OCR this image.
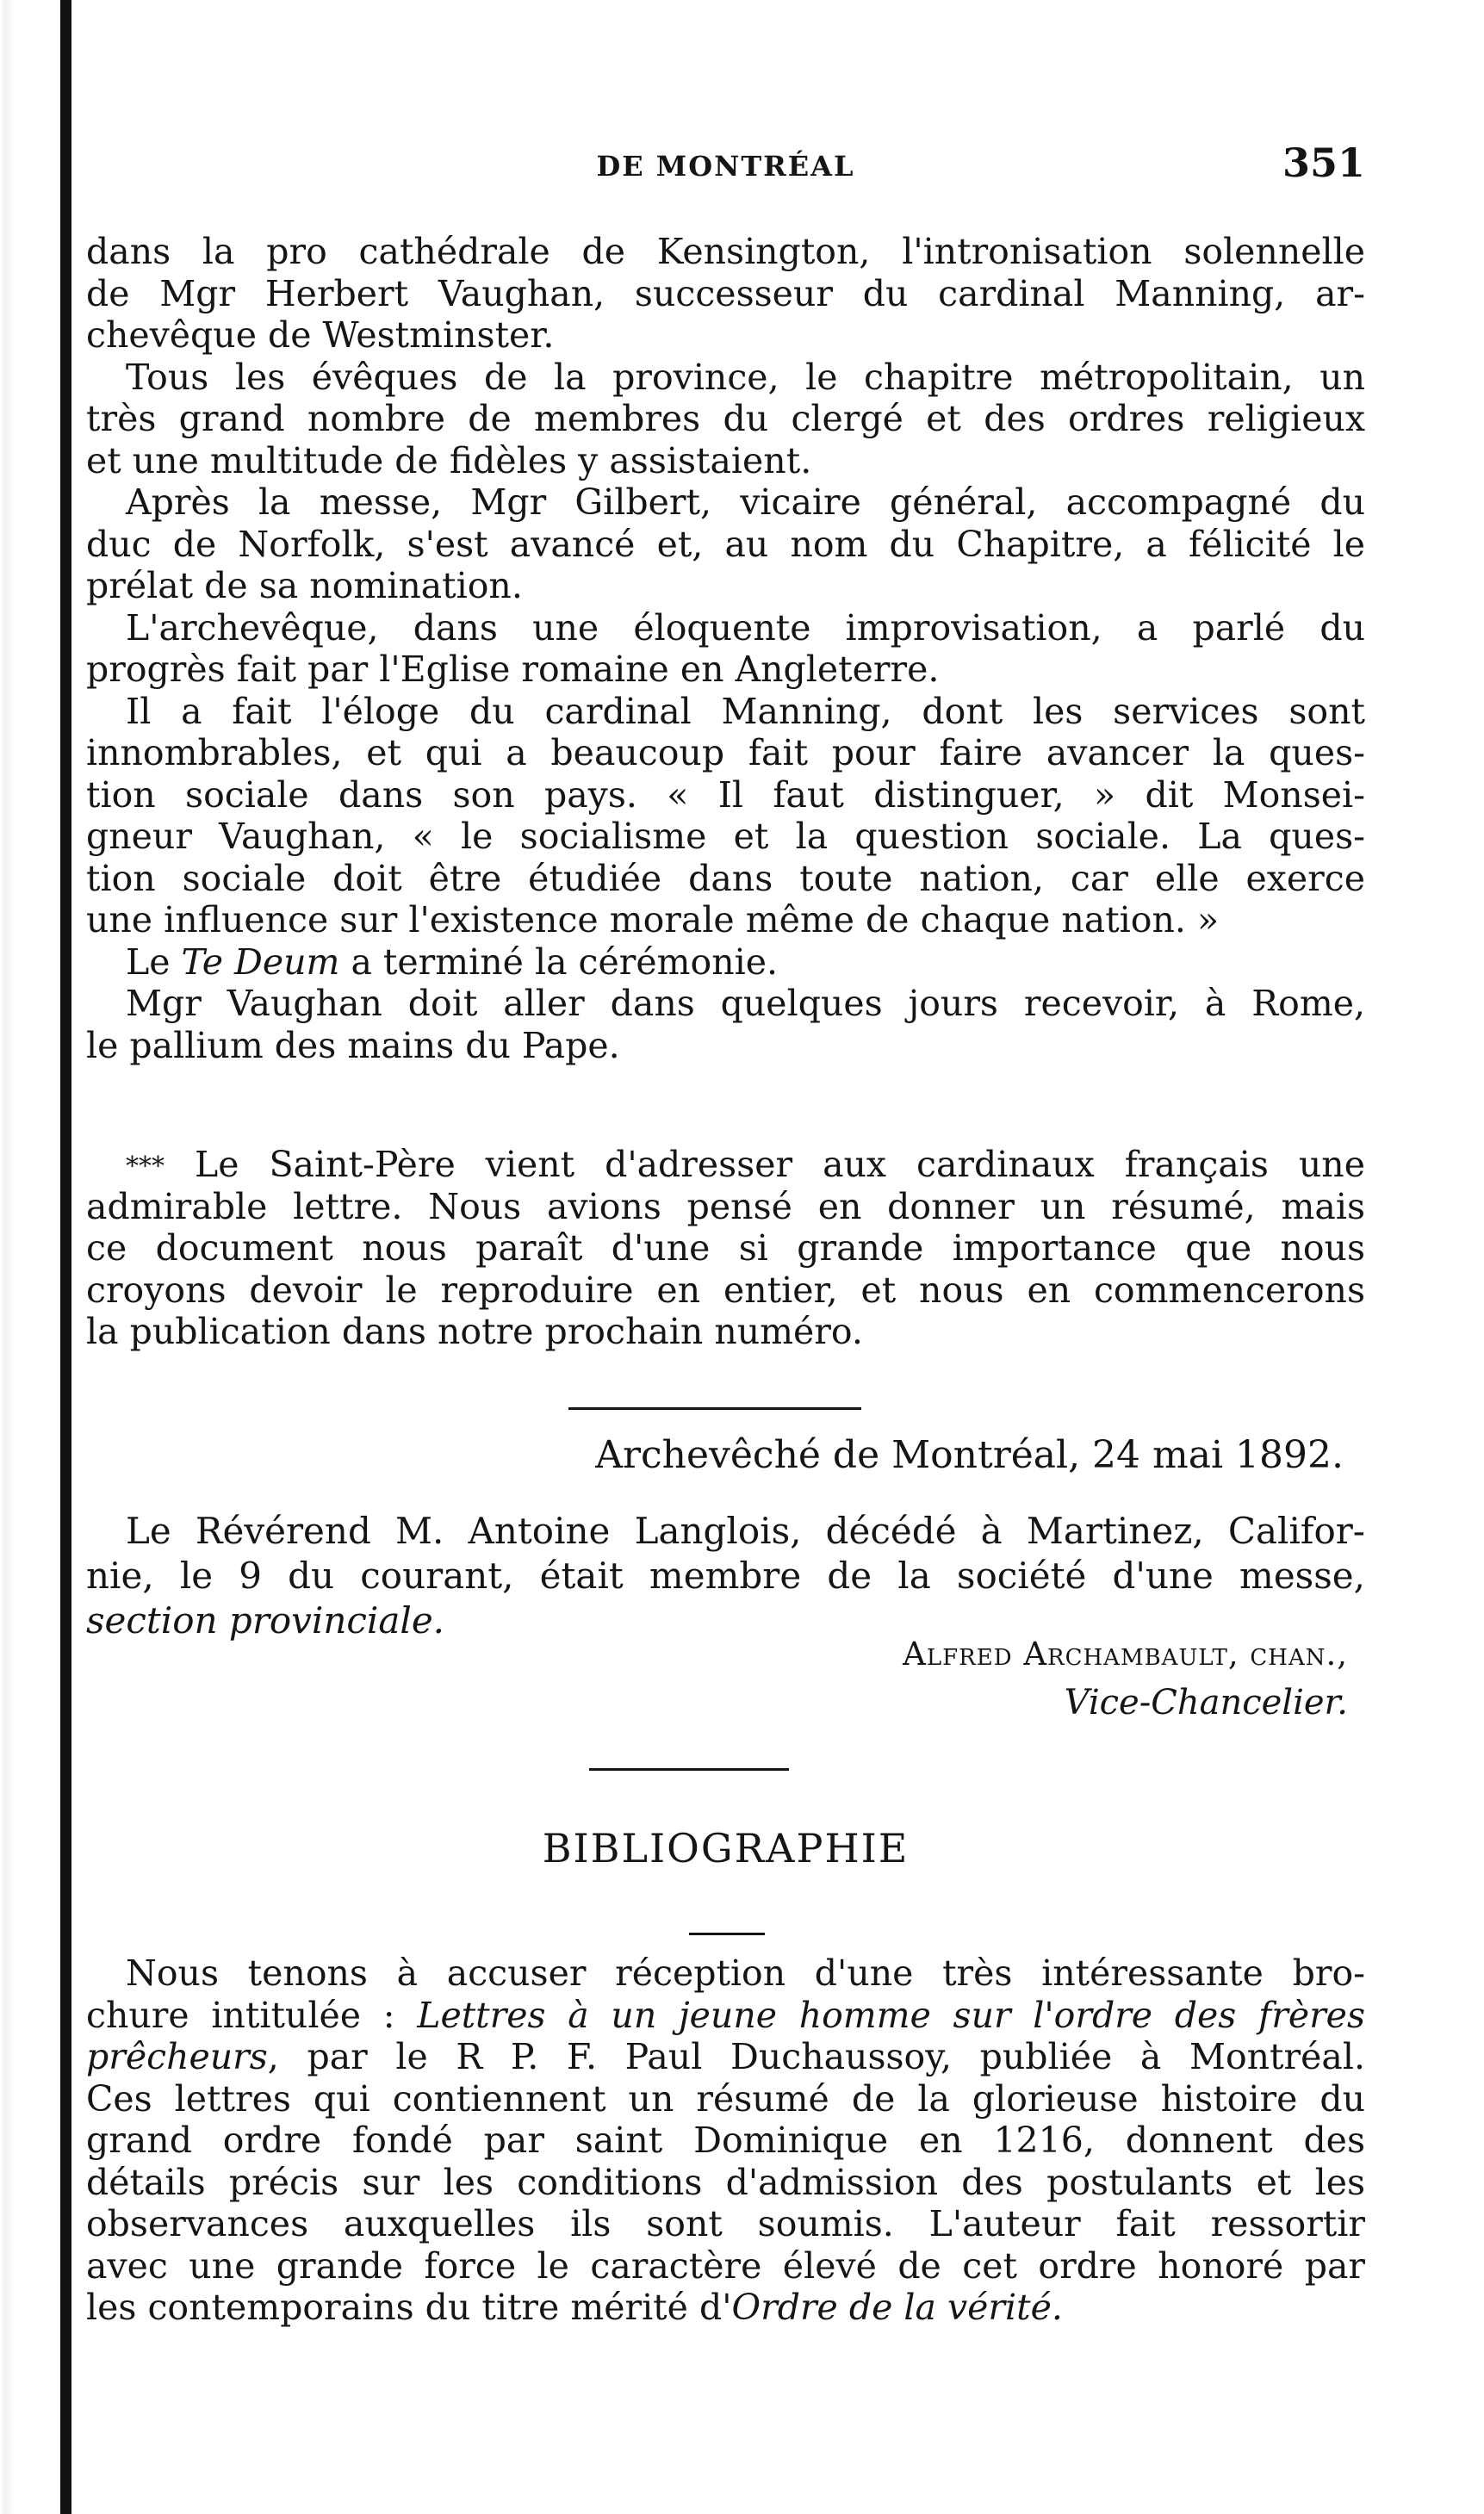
DE MONTRÉAL	351
dans la pro cathédrale de Kensington, l'intronisation solennelle
de Mgr Herbert Vaughan, successeur du cardinal Manning, ar-
chevêque de Westminster.
Tous les évêques de la province, le chapitre métropolitain, un
très grand nombre de membres du clergé et des ordres religieux
et une multitude de fidèles y assistaient.
Après la messe, Mgr Gilbert, vicaire général, accompagné du
duc de Norfolk, s'est avancé et, au nom du Chapitre, a félicité le
prélat de sa nomination.
L'archevêque, dans une éloquente improvisation, a parlé du
progrès fait par l'Eglise romaine en Angleterre.
Il a fait l'éloge du cardinal Manning, dont les services sont
innombrables, et qui a beaucoup fait pour faire avancer la ques-
tion sociale dans son pays. « Il faut distinguer, » dit Monsei-
gneur Vaughan, « le socialisme et la question sociale. La ques-
tion sociale doit être étudiée dans toute nation, car elle exerce
une influence sur l'existence morale même de chaque nation. »
Le Te Deum a terminé la cérémonie.
Mgr Vaughan doit aller dans quelques jours recevoir, à Rome,
le pallium des mains du Pape.
*** Le Saint-Père vient d'adresser aux cardinaux français une
admirable lettre. Nous avions pensé en donner un résumé, mais
ce document nous paraît d'une si grande importance que nous
croyons devoir le reproduire en entier, et nous en commencerons
la publication dans notre prochain numéro.
Archevêché de Montréal, 24 mai 1892.
Le Révérend M. Antoine Langlois, décédé à Martinez, Califor-
nie, le 9 du courant, était membre de la société d'une messe,
section provinciale.
Alfred Archambault, chan.,
Vice-Chancelier.
BIBLIOGRAPHIE
Nous tenons à accuser réception d'une très intéressante bro-
chure intitulée : Lettres à un jeune homme sur l'ordre des frères
prêcheurs, par le R P. F. Paul Duchaussoy, publiée à Montréal.
Ces lettres qui contiennent un résumé de la glorieuse histoire du
grand ordre fondé par saint Dominique en 1216, donnent des
détails précis sur les conditions d'admission des postulants et les
observances auxquelles ils sont soumis. L'auteur fait ressortir
avec une grande force le caractère élevé de cet ordre honoré par
les contemporains du titre mérité d'Ordre de la vérité.
